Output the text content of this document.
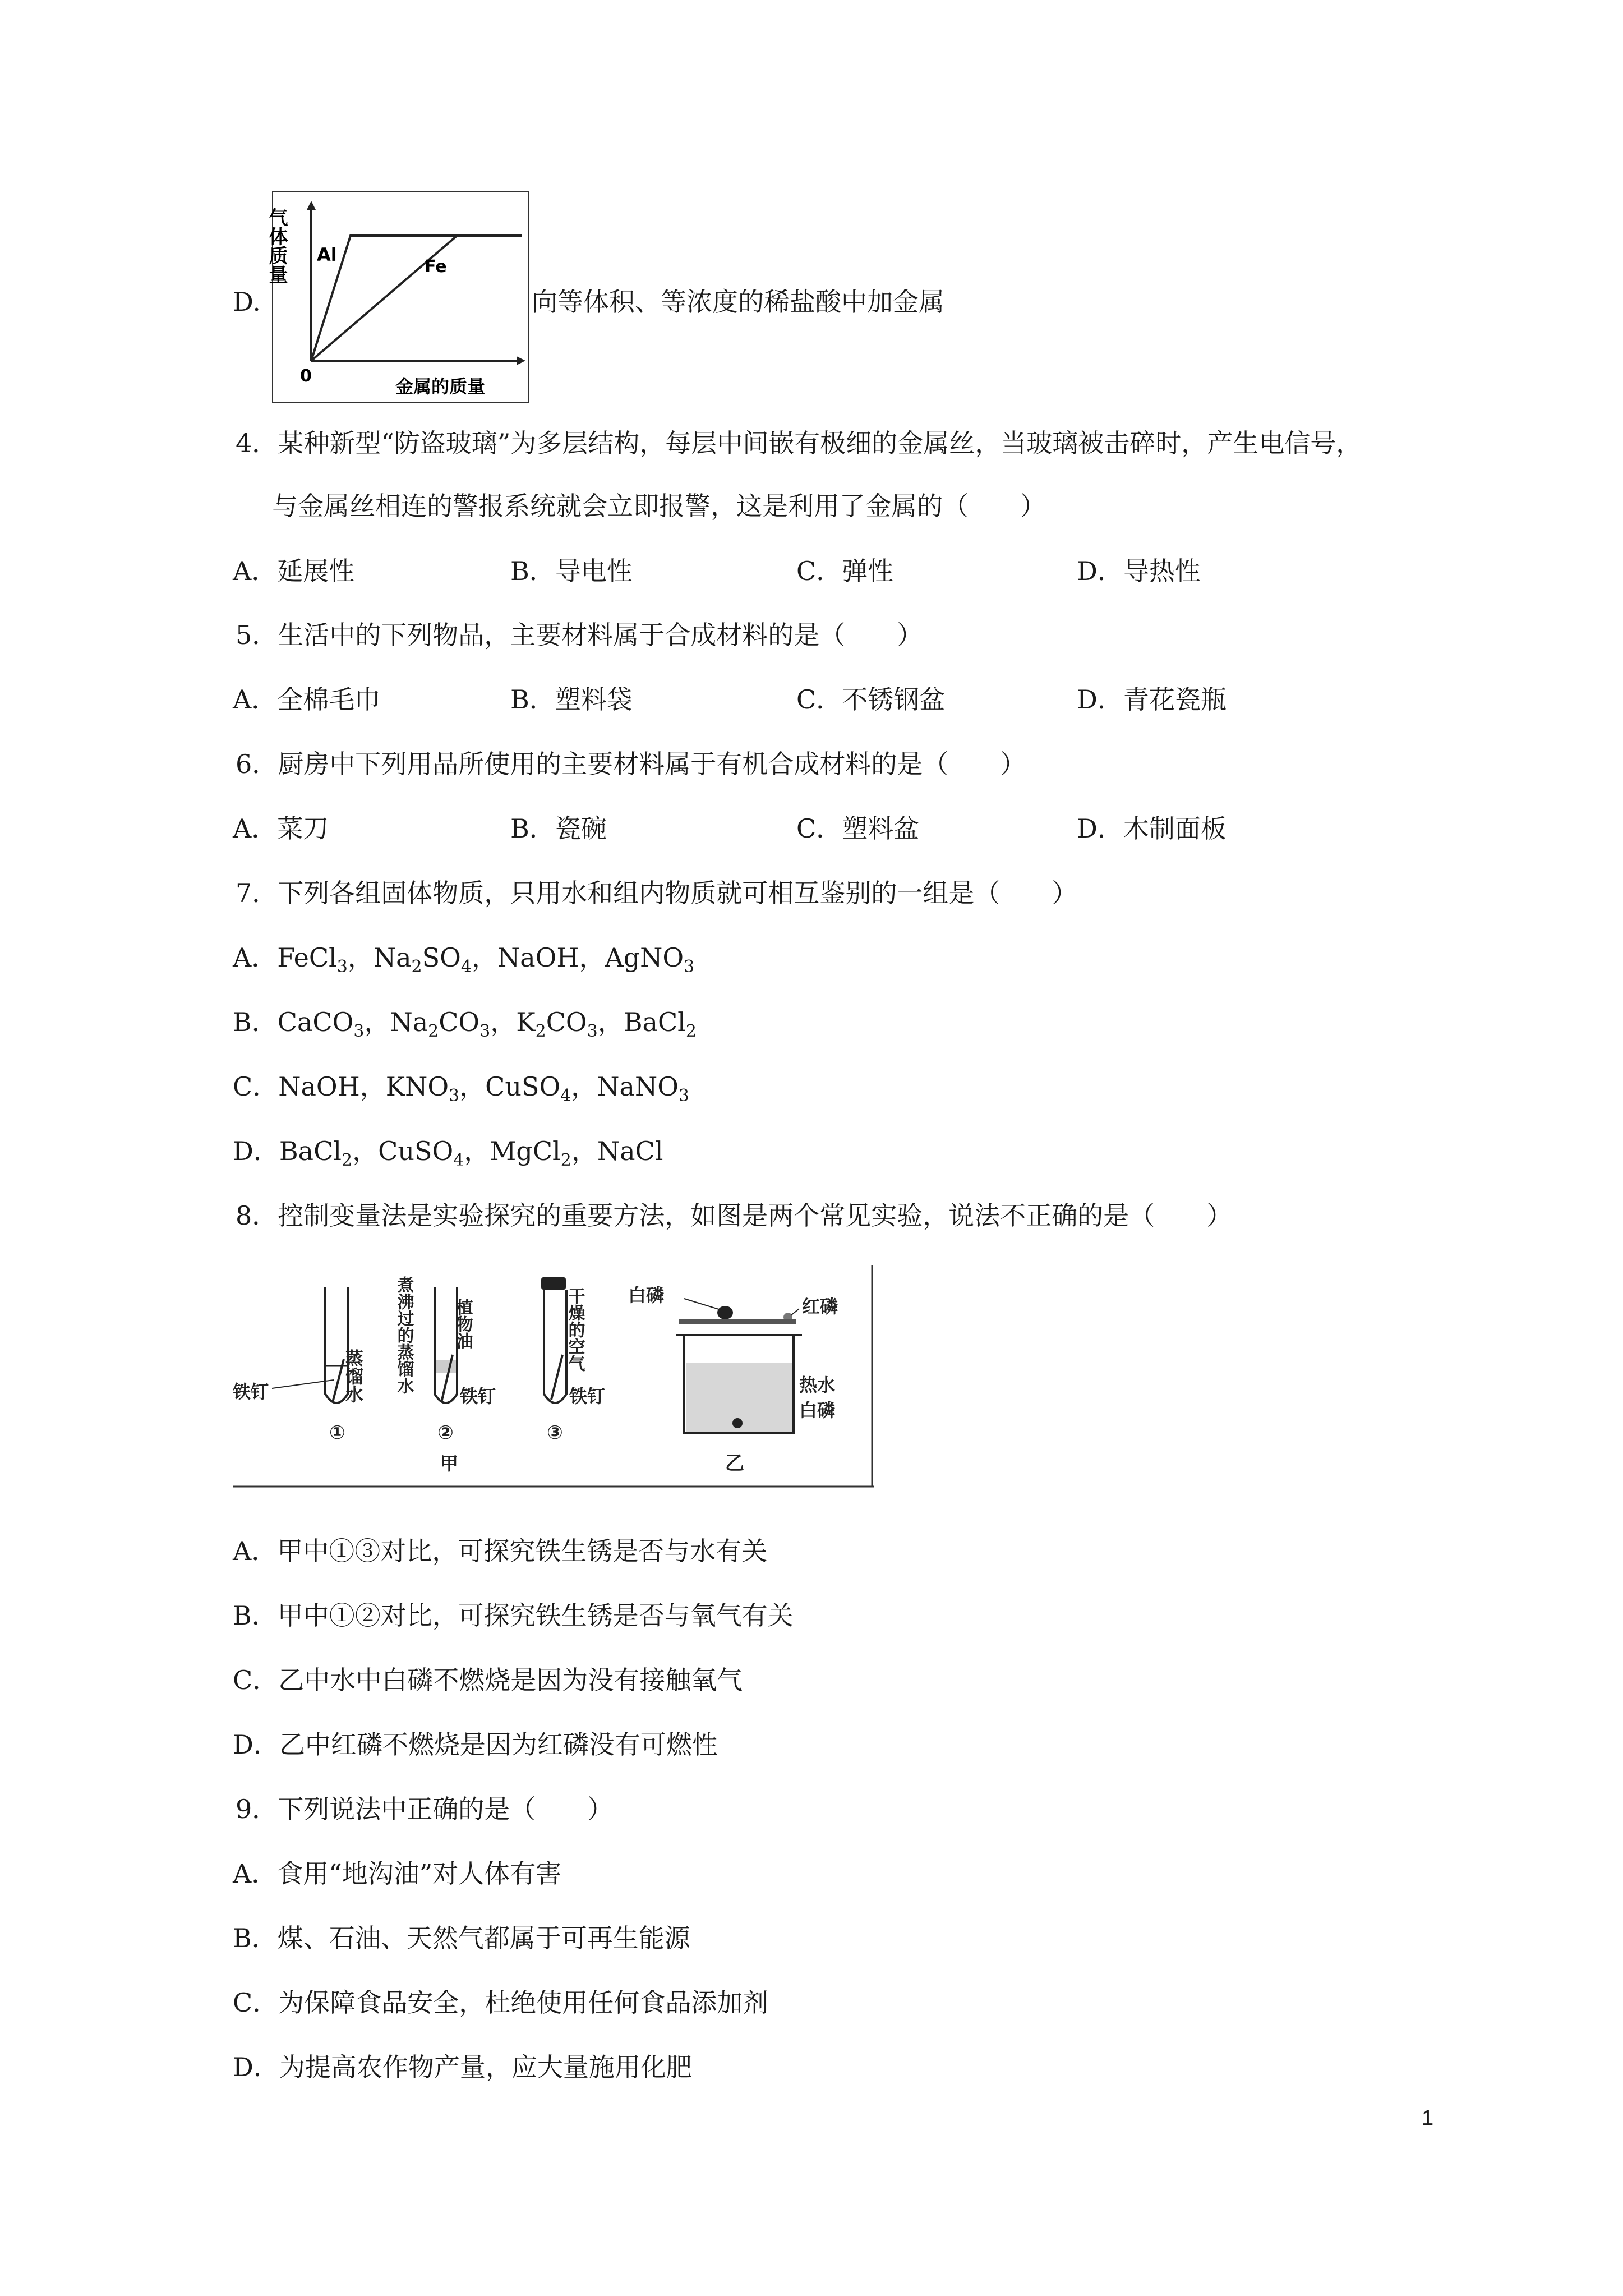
D.
气体质量 Al
Fe
0	金属的质量
向等体积、等浓度的稀盐酸中加金属
4．某种新型“防盗玻璃”为多层结构，每层中间嵌有极细的金属丝，当玻璃被击碎时，产生电信号，
与金属丝相连的警报系统就会立即报警，这是利用了金属的（　　）
A．延展性	B．导电性	C．弹性	D．导热性
5．生活中的下列物品，主要材料属于合成材料的是（　　）
A．全棉毛巾	B．塑料袋	C．不锈钢盆	D．青花瓷瓶
6．厨房中下列用品所使用的主要材料属于有机合成材料的是（　　）
A．菜刀	B．瓷碗	C．塑料盆	D．木制面板
7．下列各组固体物质，只用水和组内物质就可相互鉴别的一组是（　　）
A．FeCl$_3$，$Na_2SO_4$，NaOH，AgNO$_3$
B．CaCO$_3$，$Na_2CO_3$，$K_2CO_3$，BaCl$_2$
C．NaOH，$KNO_3$，CuSO$_4$，NaNO$_3$
D．BaCl$_2$，CuSO$_4$，MgCl$_2$，NaCl
8．控制变量法是实验探究的重要方法，如图是两个常见实验，说法不正确的是（　　）
铁钉	蒸馏水
①
煮沸过的蒸馏水 植物油
铁钉
②
甲
干燥的空气
铁钉
③
白磷
红磷
热水
白磷
乙
A．甲中①③对比，可探究铁生锈是否与水有关
B．甲中①②对比，可探究铁生锈是否与氧气有关
C．乙中水中白磷不燃烧是因为没有接触氧气
D．乙中红磷不燃烧是因为红磷没有可燃性
9．下列说法中正确的是（　　）
A．食用“地沟油”对人体有害
B．煤、石油、天然气都属于可再生能源
C．为保障食品安全，杜绝使用任何食品添加剂
D．为提高农作物产量，应大量施用化肥
1
